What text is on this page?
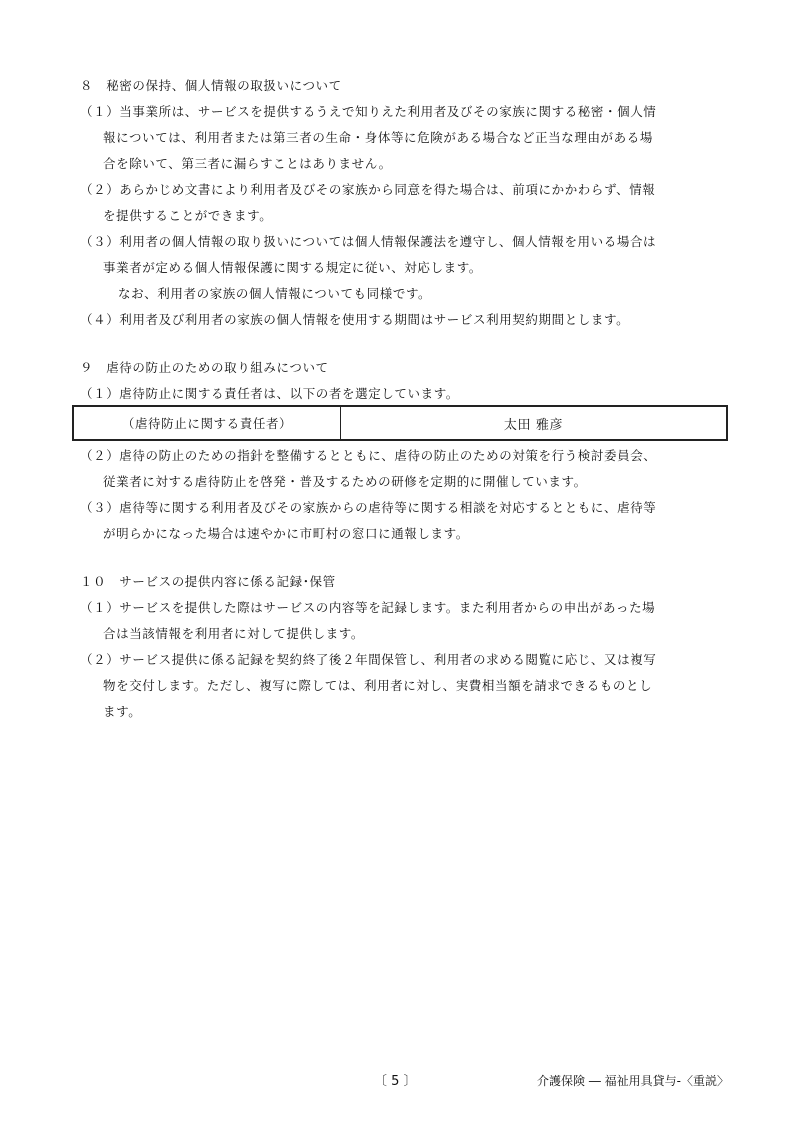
８　秘密の保持、個人情報の取扱いについて
（１）当事業所は、サービスを提供するうえで知りえた利用者及びその家族に関する秘密・個人情
報については、利用者または第三者の生命・身体等に危険がある場合など正当な理由がある場
合を除いて、第三者に漏らすことはありません。
（２）あらかじめ文書により利用者及びその家族から同意を得た場合は、前項にかかわらず、情報
を提供することができます。
（３）利用者の個人情報の取り扱いについては個人情報保護法を遵守し、個人情報を用いる場合は
事業者が定める個人情報保護に関する規定に従い、対応します。
なお、利用者の家族の個人情報についても同様です。
（４）利用者及び利用者の家族の個人情報を使用する期間はサービス利用契約期間とします。
９　虐待の防止のための取り組みについて
（１）虐待防止に関する責任者は、以下の者を選定しています。
（虐待防止に関する責任者）	太田 雅彦
（２）虐待の防止のための指針を整備するとともに、虐待の防止のための対策を行う検討委員会、
従業者に対する虐待防止を啓発・普及するための研修を定期的に開催しています。
（３）虐待等に関する利用者及びその家族からの虐待等に関する相談を対応するとともに、虐待等
が明らかになった場合は速やかに市町村の窓口に通報します。
１０　サービスの提供内容に係る記録･保管
（１）サービスを提供した際はサービスの内容等を記録します。また利用者からの申出があった場
合は当該情報を利用者に対して提供します。
（２）サービス提供に係る記録を契約終了後２年間保管し、利用者の求める閲覧に応じ、又は複写
物を交付します。ただし、複写に際しては、利用者に対し、実費相当額を請求できるものとし
ます。
〔 5 〕	介護保険 ― 福祉用具貸与‐〈重説〉
